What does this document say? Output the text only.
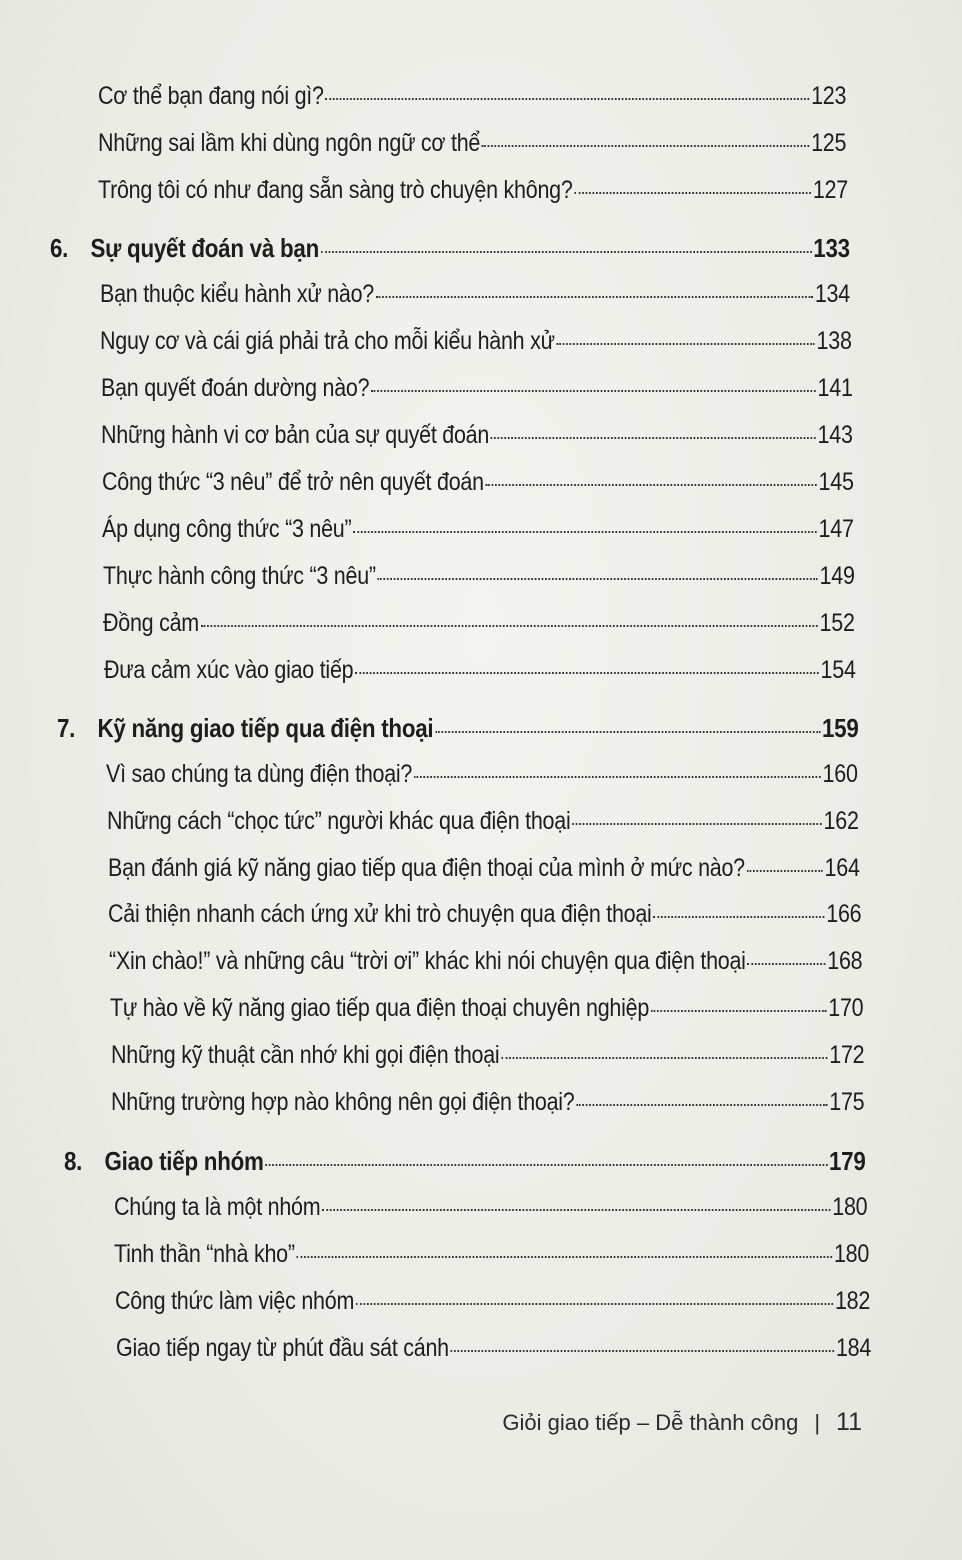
Cơ thể bạn đang nói gì?	123
Những sai lầm khi dùng ngôn ngữ cơ thể	125
Trông tôi có như đang sẵn sàng trò chuyện không?	127
6. Sự quyết đoán và bạn	133
Bạn thuộc kiểu hành xử nào?	134
Nguy cơ và cái giá phải trả cho mỗi kiểu hành xử	138
Bạn quyết đoán dường nào?	141
Những hành vi cơ bản của sự quyết đoán	143
Công thức “3 nêu” để trở nên quyết đoán	145
Áp dụng công thức “3 nêu”	147
Thực hành công thức “3 nêu”	149
Đồng cảm	152
Đưa cảm xúc vào giao tiếp	154
7. Kỹ năng giao tiếp qua điện thoại	159
Vì sao chúng ta dùng điện thoại?	160
Những cách “chọc tức” người khác qua điện thoại	162
Bạn đánh giá kỹ năng giao tiếp qua điện thoại của mình ở mức nào?	164
Cải thiện nhanh cách ứng xử khi trò chuyện qua điện thoại	166
“Xin chào!” và những câu “trời ơi” khác khi nói chuyện qua điện thoại	168
Tự hào về kỹ năng giao tiếp qua điện thoại chuyên nghiệp	170
Những kỹ thuật cần nhớ khi gọi điện thoại	172
Những trường hợp nào không nên gọi điện thoại?	175
8. Giao tiếp nhóm	179
Chúng ta là một nhóm	180
Tinh thần “nhà kho”	180
Công thức làm việc nhóm	182
Giao tiếp ngay từ phút đầu sát cánh	184
Giỏi giao tiếp – Dễ thành công | 11
